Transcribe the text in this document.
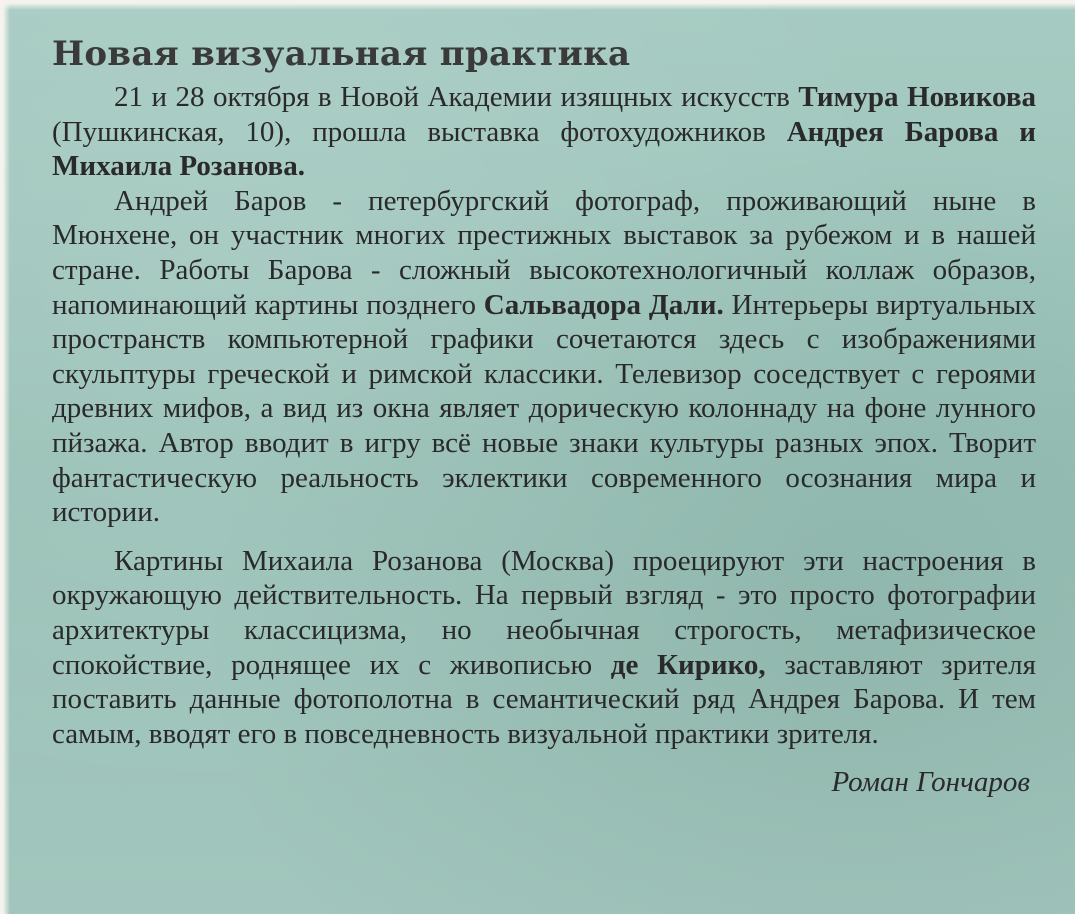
Новая визуальная практика

21 и 28 октября в Новой Академии изящных искусств Тимура Новикова (Пушкинская, 10), прошла выставка фотохудожников Андрея Барова и Михаила Розанова.

Андрей Баров - петербургский фотограф, проживающий ныне в Мюнхене, он участник многих престижных выставок за рубежом и в нашей стране. Работы Барова - сложный высокотехнологичный коллаж образов, напоминающий картины позднего Сальвадора Дали. Интерьеры виртуальных пространств компьютерной графики сочетаются здесь с изображениями скульптуры греческой и римской классики. Телевизор соседствует с героями древних мифов, а вид из окна являет дорическую колоннаду на фоне лунного пйзажа. Автор вводит в игру всё новые знаки культуры разных эпох. Творит фантастическую реальность эклектики современного осознания мира и истории.

Картины Михаила Розанова (Москва) проецируют эти настроения в окружающую действительность. На первый взгляд - это просто фотографии архитектуры классицизма, но необычная строгость, метафизическое спокойствие, роднящее их с живописью де Кирико, заставляют зрителя поставить данные фотополотна в семантический ряд Андрея Барова. И тем самым, вводят его в повседневность визуальной практики зрителя.

Роман Гончаров
